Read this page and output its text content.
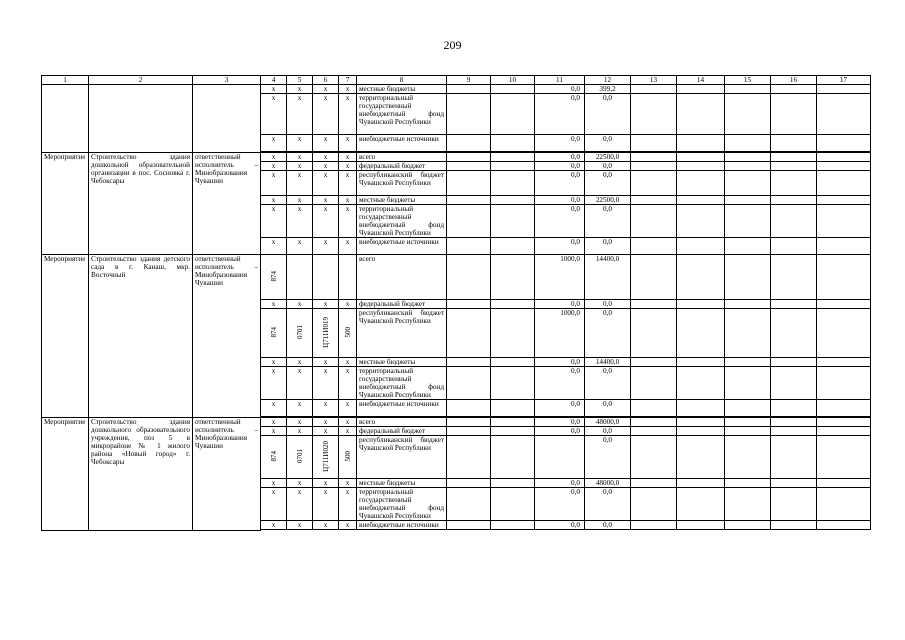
209
1	2	3	4	5	6	7	8	9	10	11	12	13	14	15	16	17
			x	x	x	x	местные бюджеты			0,0	399,2					
			x	x	x	x	территориальный государственный внебюджетный фонд Чувашской Республики			0,0	0,0					
			x	x	x	x	внебюджетные источники			0,0	0,0					

Мероприятие	Строительство здания дошкольной образовательной организации в пос. Сосновка г. Чебоксары	ответственный исполнитель – Минобразования Чувашии	x	x	x	x	всего			0,0	22500,0					
			x	x	x	x	федеральный бюджет			0,0	0,0					
			x	x	x	x	республиканский бюджет Чувашской Республики			0,0	0,0					
			x	x	x	x	местные бюджеты			0,0	22500,0					
			x	x	x	x	территориальный государственный внебюджетный фонд Чувашской Республики			0,0	0,0					
			x	x	x	x	внебюджетные источники			0,0	0,0					
Мероприятие	Строительство здания детского сада в г. Канаш, мкр. Восточный	ответственный исполнитель – Минобразования Чувашии	874				всего			1000,0	14400,0					
			x	x	x	x	федеральный бюджет			0,0	0,0					
			874	0701	Ц711И019	500	республиканский бюджет Чувашской Республики			1000,0	0,0					
			x	x	x	x	местные бюджеты			0,0	14400,0					
			x	x	x	x	территориальный государственный внебюджетный фонд Чувашской Республики			0,0	0,0					
			x	x	x	x	внебюджетные источники			0,0	0,0					

Мероприятие	Строительство здания дошкольного образовательного учреждения, поз 5 в микрорайоне № 1 жилого района «Новый город» г. Чебоксары	ответственный исполнитель – Минобразования Чувашии	x	x	x	x	всего			0,0	48000,0					
			x	x	x	x	федеральный бюджет			0,0	0,0					
			874	0701	Ц711И020	500	республиканский бюджет Чувашской Республики				0,0					
			x	x	x	x	местные бюджеты			0,0	48000,0					
			x	x	x	x	территориальный государственный внебюджетный фонд Чувашской Республики			0,0	0,0					
			x	x	x	x	внебюджетные источники			0,0	0,0					
